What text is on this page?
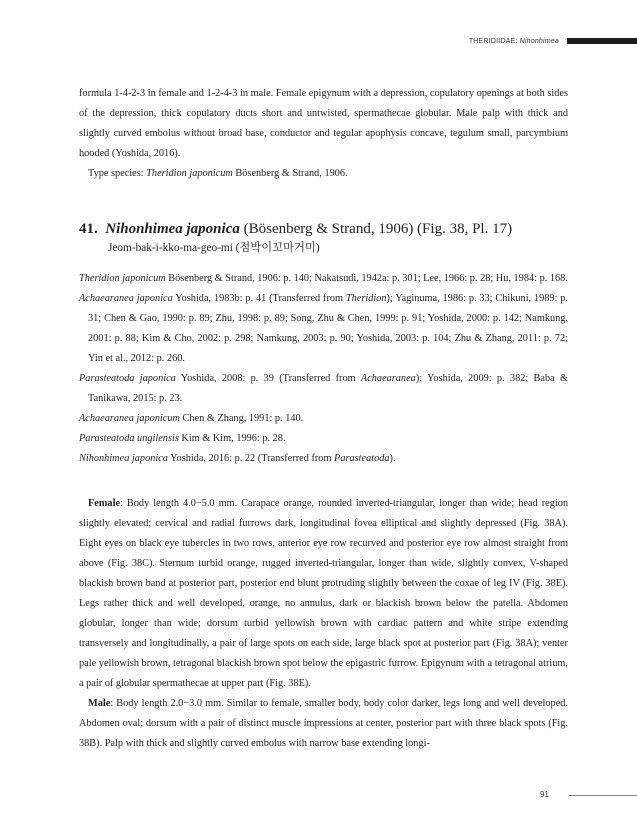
THERIDIIDAE: Nihonhimea

formula 1-4-2-3 in female and 1-2-4-3 in male. Female epigynum with a depression, copulatory openings at both sides of the depression, thick copulatory ducts short and untwisted, spermathecae globular. Male palp with thick and slightly curved embolus without broad base, conductor and tegular apophysis concave, tegulum small, parcymbium hooded (Yoshida, 2016).

Type species: Theridion japonicum Bösenberg & Strand, 1906.

41. Nihonhimea japonica (Bösenberg & Strand, 1906) (Fig. 38, Pl. 17)
Jeom-bak-i-kko-ma-geo-mi (점박이꼬마거미)

Theridion japonicum Bösenberg & Strand, 1906: p. 140; Nakatsudi, 1942a: p. 301; Lee, 1966: p. 28; Hu, 1984: p. 168.

Achaearanea japonica Yoshida, 1983b: p. 41 (Transferred from Theridion); Yaginuma, 1986: p. 33; Chikuni, 1989: p. 31; Chen & Gao, 1990: p. 89; Zhu, 1998: p. 89; Song, Zhu & Chen, 1999: p. 91; Yoshida, 2000: p. 142; Namkung, 2001: p. 88; Kim & Cho, 2002: p. 298; Namkung, 2003: p. 90; Yoshida, 2003: p. 104; Zhu & Zhang, 2011: p. 72; Yin et al., 2012: p. 260.

Parasteatoda japonica Yoshida, 2008: p. 39 (Transferred from Achaearanea); Yoshida, 2009: p. 382; Baba & Tanikawa, 2015: p. 23.

Achaearanea japonicum Chen & Zhang, 1991: p. 140.

Parasteatoda ungilensis Kim & Kim, 1996: p. 28.

Nihonhimea japonica Yoshida, 2016: p. 22 (Transferred from Parasteatoda).

Female: Body length 4.0−5.0 mm. Carapace orange, rounded inverted-triangular, longer than wide; head region slightly elevated; cervical and radial furrows dark, longitudinal fovea elliptical and slightly depressed (Fig. 38A). Eight eyes on black eye tubercles in two rows, anterior eye row recurved and posterior eye row almost straight from above (Fig. 38C). Sternum turbid orange, rugged inverted-triangular, longer than wide, slightly convex, V-shaped blackish brown band at posterior part, posterior end blunt protruding slightly between the coxae of leg IV (Fig. 38E). Legs rather thick and well developed, orange, no annulus, dark or blackish brown below the patella. Abdomen globular, longer than wide; dorsum turbid yellowish brown with cardiac pattern and white stripe extending transversely and longitudinally, a pair of large spots on each side, large black spot at posterior part (Fig. 38A); venter pale yellowish brown, tetragonal blackish brown spot below the epigastric furrow. Epigynum with a tetragonal atrium, a pair of globular spermathecae at upper part (Fig. 38E).

Male: Body length 2.0−3.0 mm. Similar to female, smaller body, body color darker, legs long and well developed. Abdomen oval; dorsum with a pair of distinct muscle impressions at center, posterior part with three black spots (Fig. 38B). Palp with thick and slightly curved embolus with narrow base extending longi-

91
